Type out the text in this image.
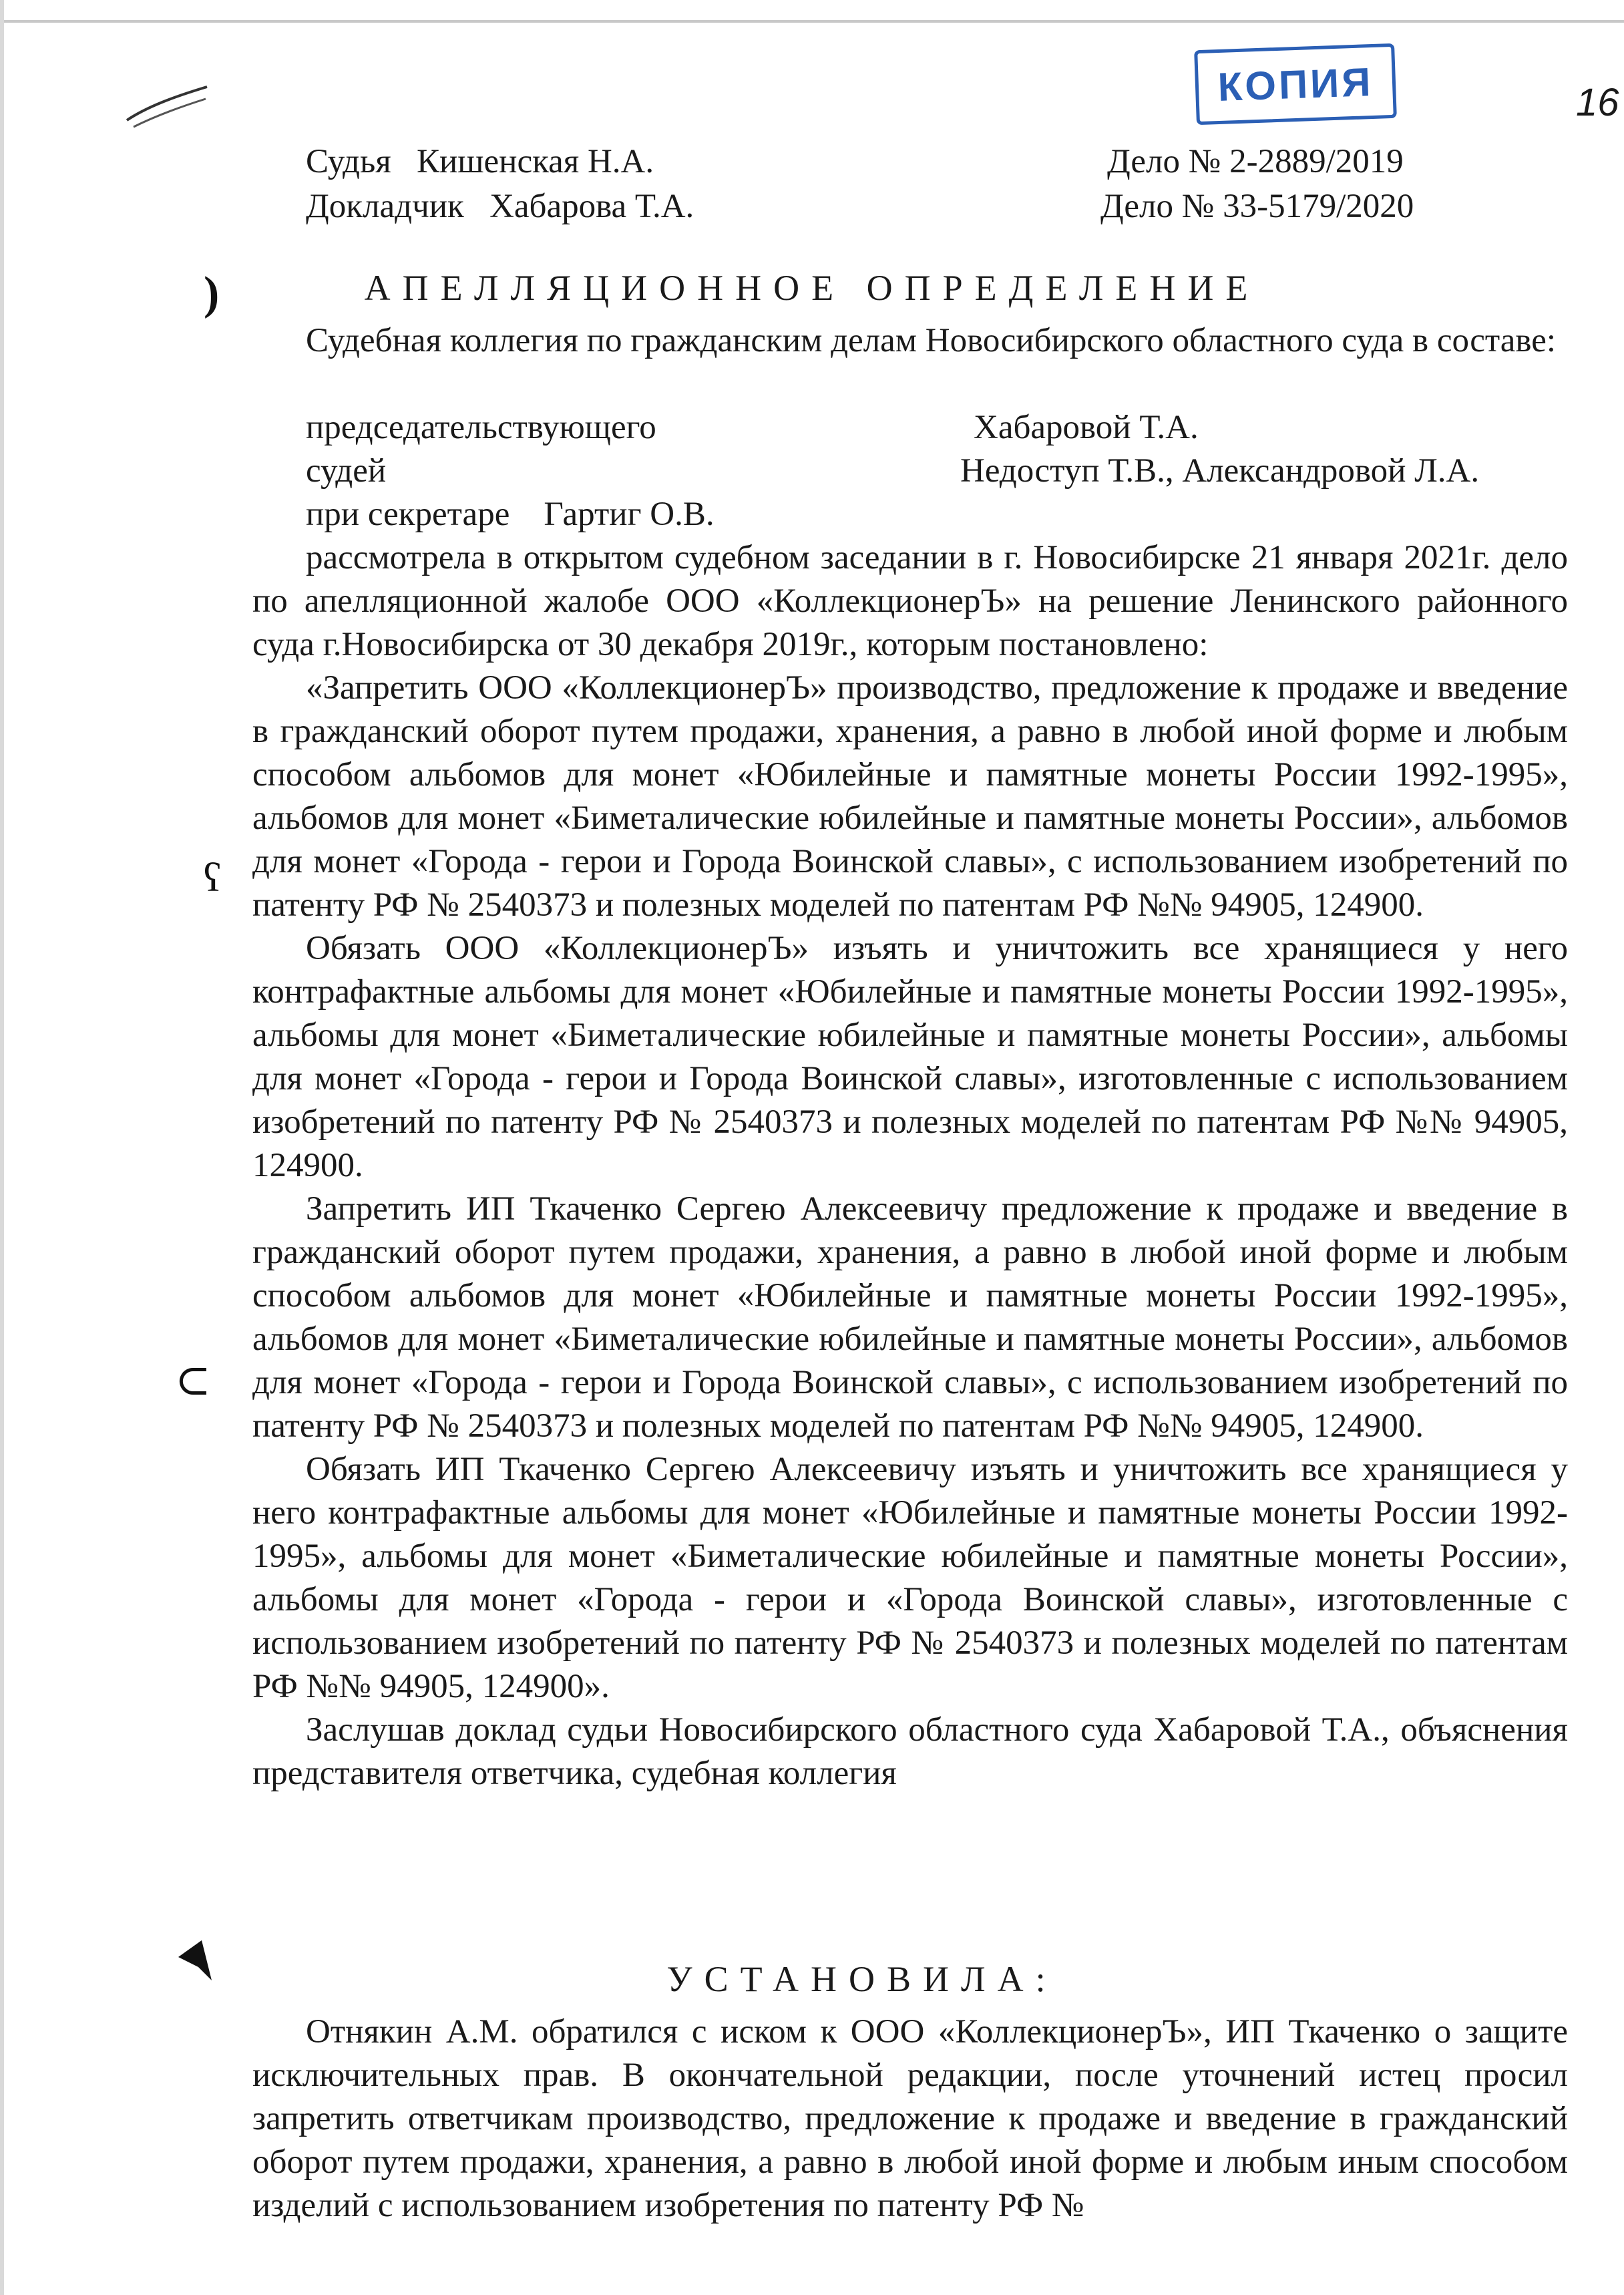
)
ʕ
⊂
КОПИЯ	16
Судья   Кишенская Н.А.
Докладчик   Хабарова Т.А.
Дело № 2-2889/2019
Дело № 33-5179/2020
АПЕЛЛЯЦИОННОЕ ОПРЕДЕЛЕНИЕ

Судебная коллегия по гражданским делам Новосибирского областного суда в составе:

председательствующего	Хабаровой Т.А.
судей	Недоступ Т.В., Александровой Л.А.
при секретаре    Гартиг О.В.

рассмотрела в открытом судебном заседании в г. Новосибирске 21 января 2021г. дело по апелляционной жалобе ООО «КоллекционерЪ» на решение Ленинского районного суда г.Новосибирска от 30 декабря 2019г., которым постановлено:

«Запретить ООО «КоллекционерЪ» производство, предложение к продаже и введение в гражданский оборот путем продажи, хранения, а равно в любой иной форме и любым способом альбомов для монет «Юбилейные и памятные монеты России 1992-1995», альбомов для монет «Биметалические юбилейные и памятные монеты России», альбомов для монет «Города - герои и Города Воинской славы», с использованием изобретений по патенту РФ № 2540373 и полезных моделей по патентам РФ №№ 94905, 124900.

Обязать ООО «КоллекционерЪ» изъять и уничтожить все хранящиеся у него контрафактные альбомы для монет «Юбилейные и памятные монеты России 1992-1995», альбомы для монет «Биметалические юбилейные и памятные монеты России», альбомы для монет «Города - герои и Города Воинской славы», изготовленные с использованием изобретений по патенту РФ № 2540373 и полезных моделей по патентам РФ №№ 94905, 124900.

Запретить ИП Ткаченко Сергею Алексеевичу предложение к продаже и введение в гражданский оборот путем продажи, хранения, а равно в любой иной форме и любым способом альбомов для монет «Юбилейные и памятные монеты России 1992-1995», альбомов для монет «Биметалические юбилейные и памятные монеты России», альбомов для монет «Города - герои и Города Воинской славы», с использованием изобретений по патенту РФ № 2540373 и полезных моделей по патентам РФ №№ 94905, 124900.

Обязать ИП Ткаченко Сергею Алексеевичу изъять и уничтожить все хранящиеся у него контрафактные альбомы для монет «Юбилейные и памятные монеты России 1992-1995», альбомы для монет «Биметалические юбилейные и памятные монеты России», альбомы для монет «Города - герои и «Города Воинской славы», изготовленные с использованием изобретений по патенту РФ № 2540373 и полезных моделей по патентам РФ №№ 94905, 124900».

Заслушав доклад судьи Новосибирского областного суда Хабаровой Т.А., объяснения представителя ответчика, судебная коллегия

УСТАНОВИЛА:

Отнякин А.М. обратился с иском к ООО «КоллекционерЪ», ИП Ткаченко о защите исключительных прав. В окончательной редакции, после уточнений истец просил запретить ответчикам производство, предложение к продаже и введение в гражданский оборот путем продажи, хранения, а равно в любой иной форме и любым иным способом изделий с использованием изобретения по патенту РФ №
